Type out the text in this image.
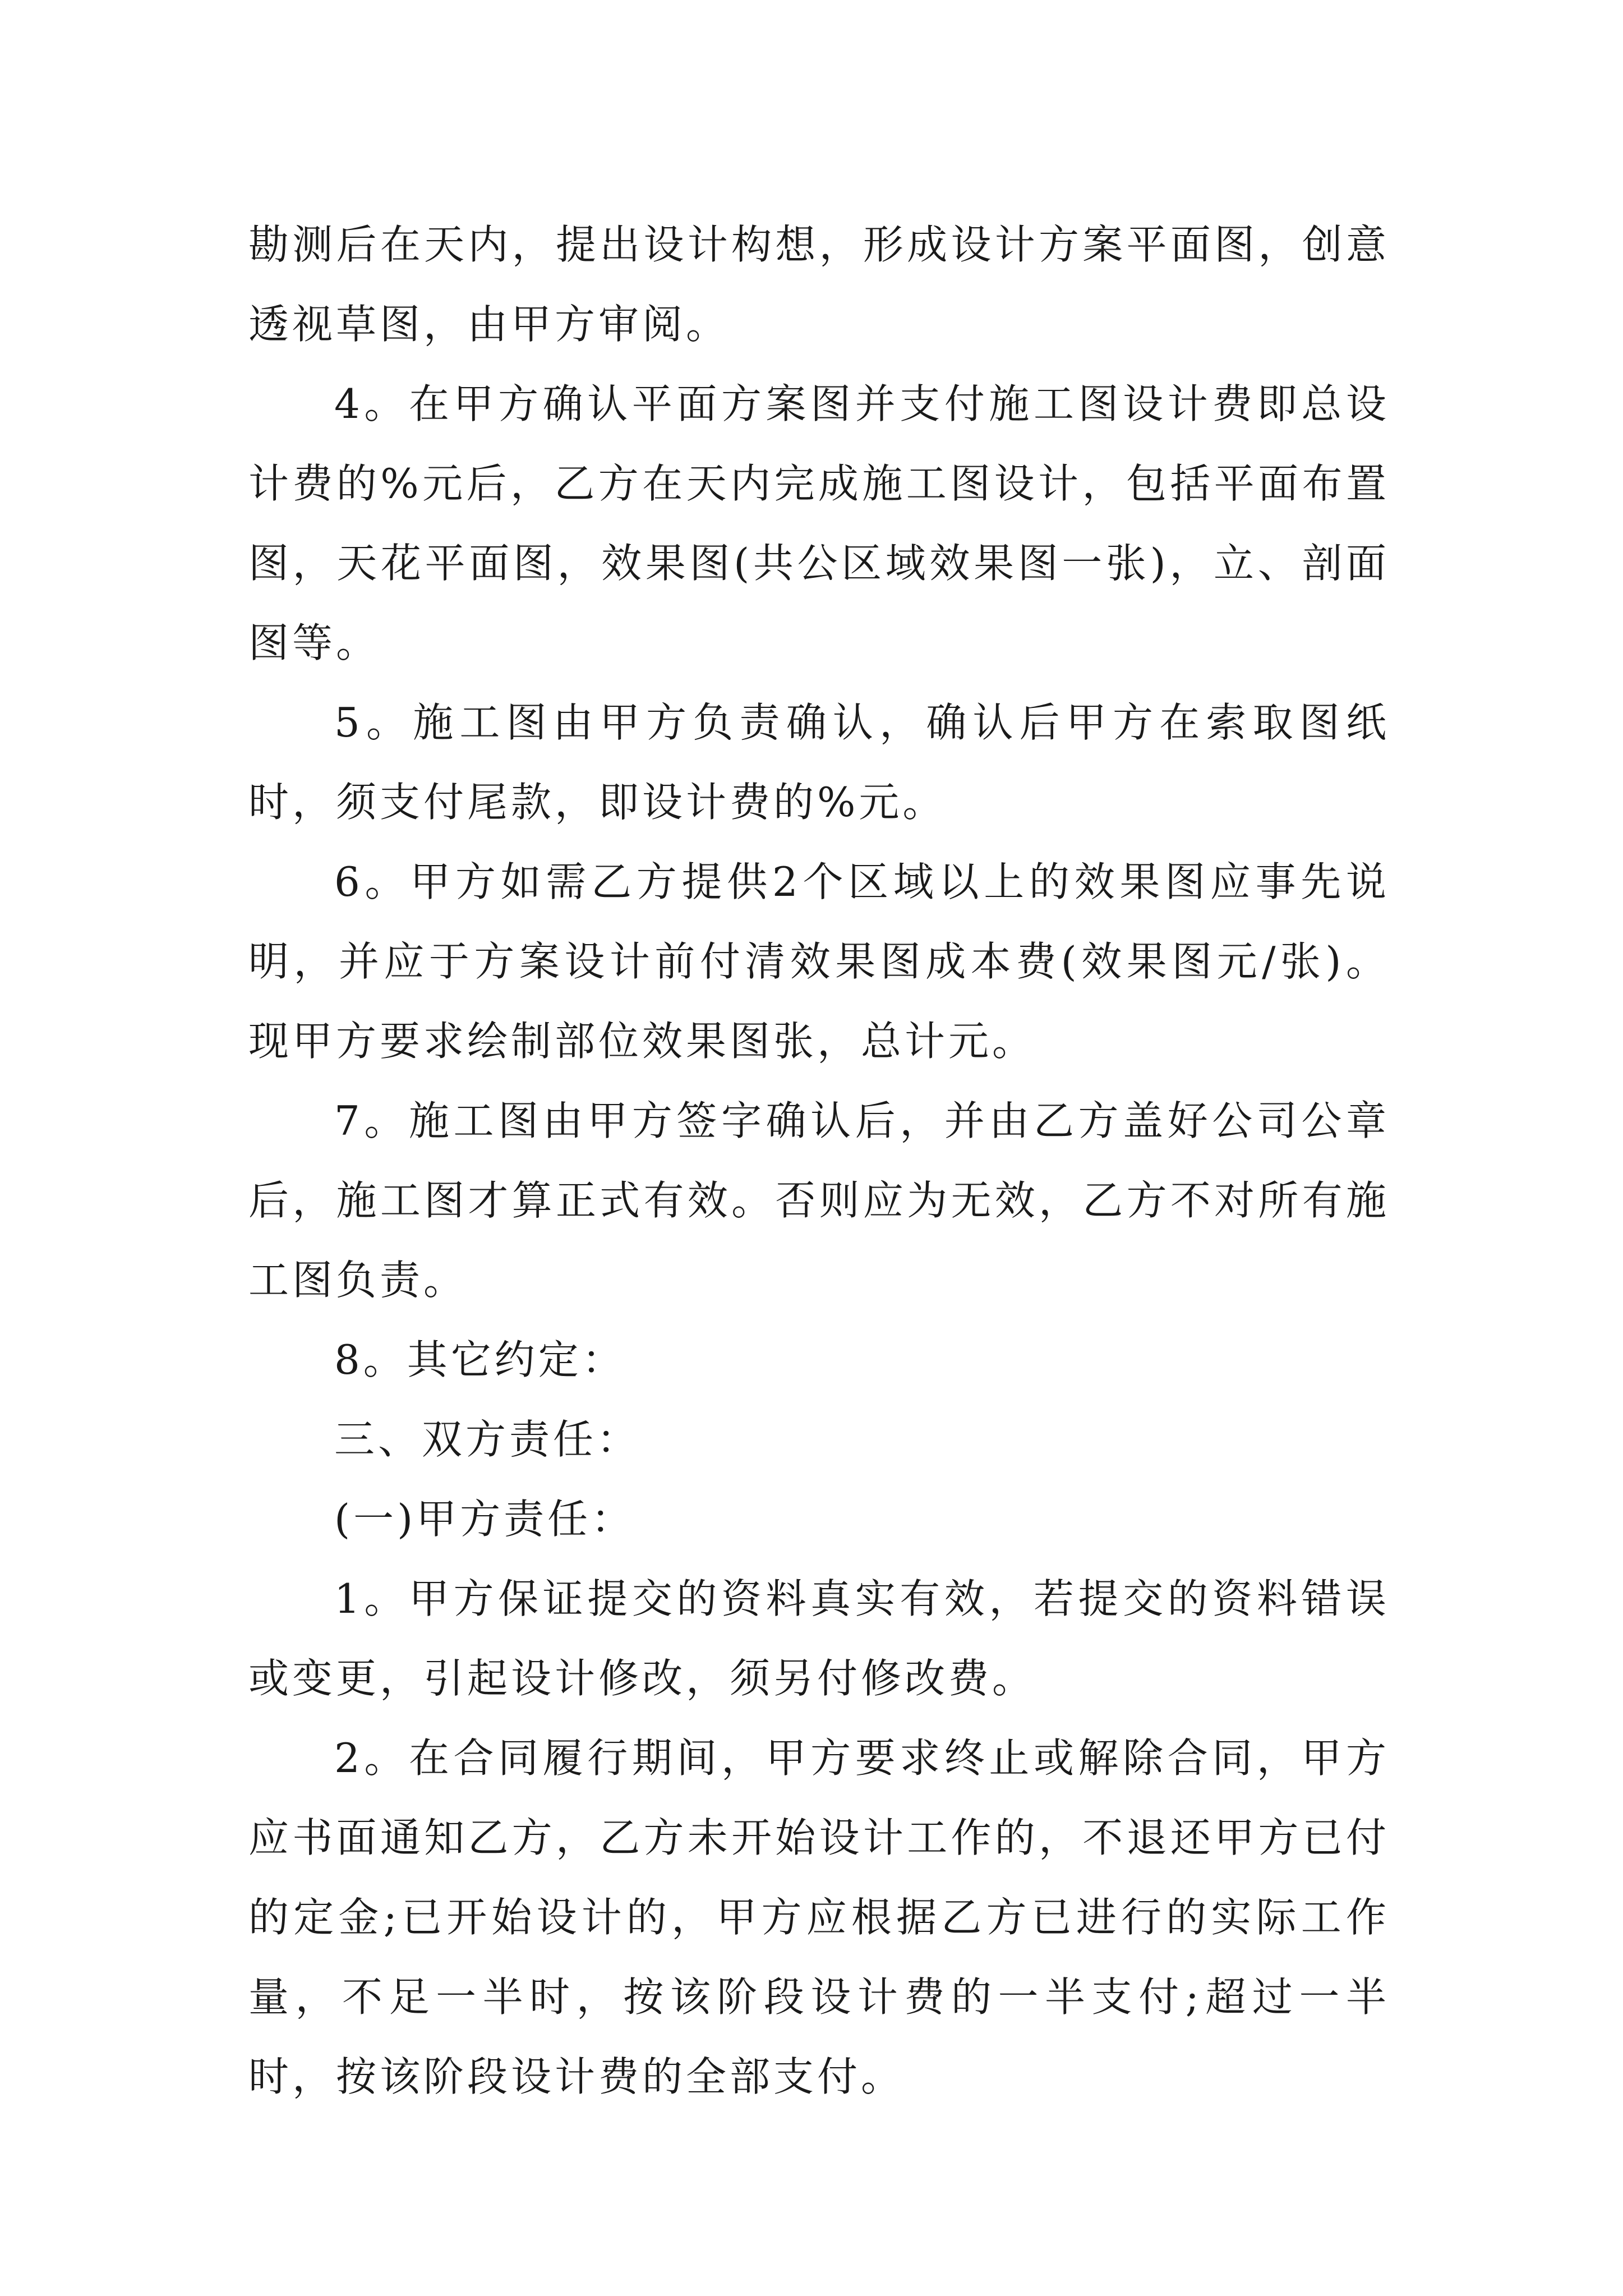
勘测后在天内，提出设计构想，形成设计方案平面图，创意透视草图，由甲方审阅。

4。在甲方确认平面方案图并支付施工图设计费即总设计费的%元后，乙方在天内完成施工图设计，包括平面布置图，天花平面图，效果图(共公区域效果图一张)，立、剖面图等。

5。施工图由甲方负责确认，确认后甲方在索取图纸时，须支付尾款，即设计费的%元。

6。甲方如需乙方提供2个区域以上的效果图应事先说明，并应于方案设计前付清效果图成本费(效果图元/张)。现甲方要求绘制部位效果图张，总计元。

7。施工图由甲方签字确认后，并由乙方盖好公司公章后，施工图才算正式有效。否则应为无效，乙方不对所有施工图负责。

8。其它约定：

三、双方责任：

(一)甲方责任：

1。甲方保证提交的资料真实有效，若提交的资料错误或变更，引起设计修改，须另付修改费。

2。在合同履行期间，甲方要求终止或解除合同，甲方应书面通知乙方，乙方未开始设计工作的，不退还甲方已付的定金;已开始设计的，甲方应根据乙方已进行的实际工作量，不足一半时，按该阶段设计费的一半支付;超过一半时，按该阶段设计费的全部支付。
